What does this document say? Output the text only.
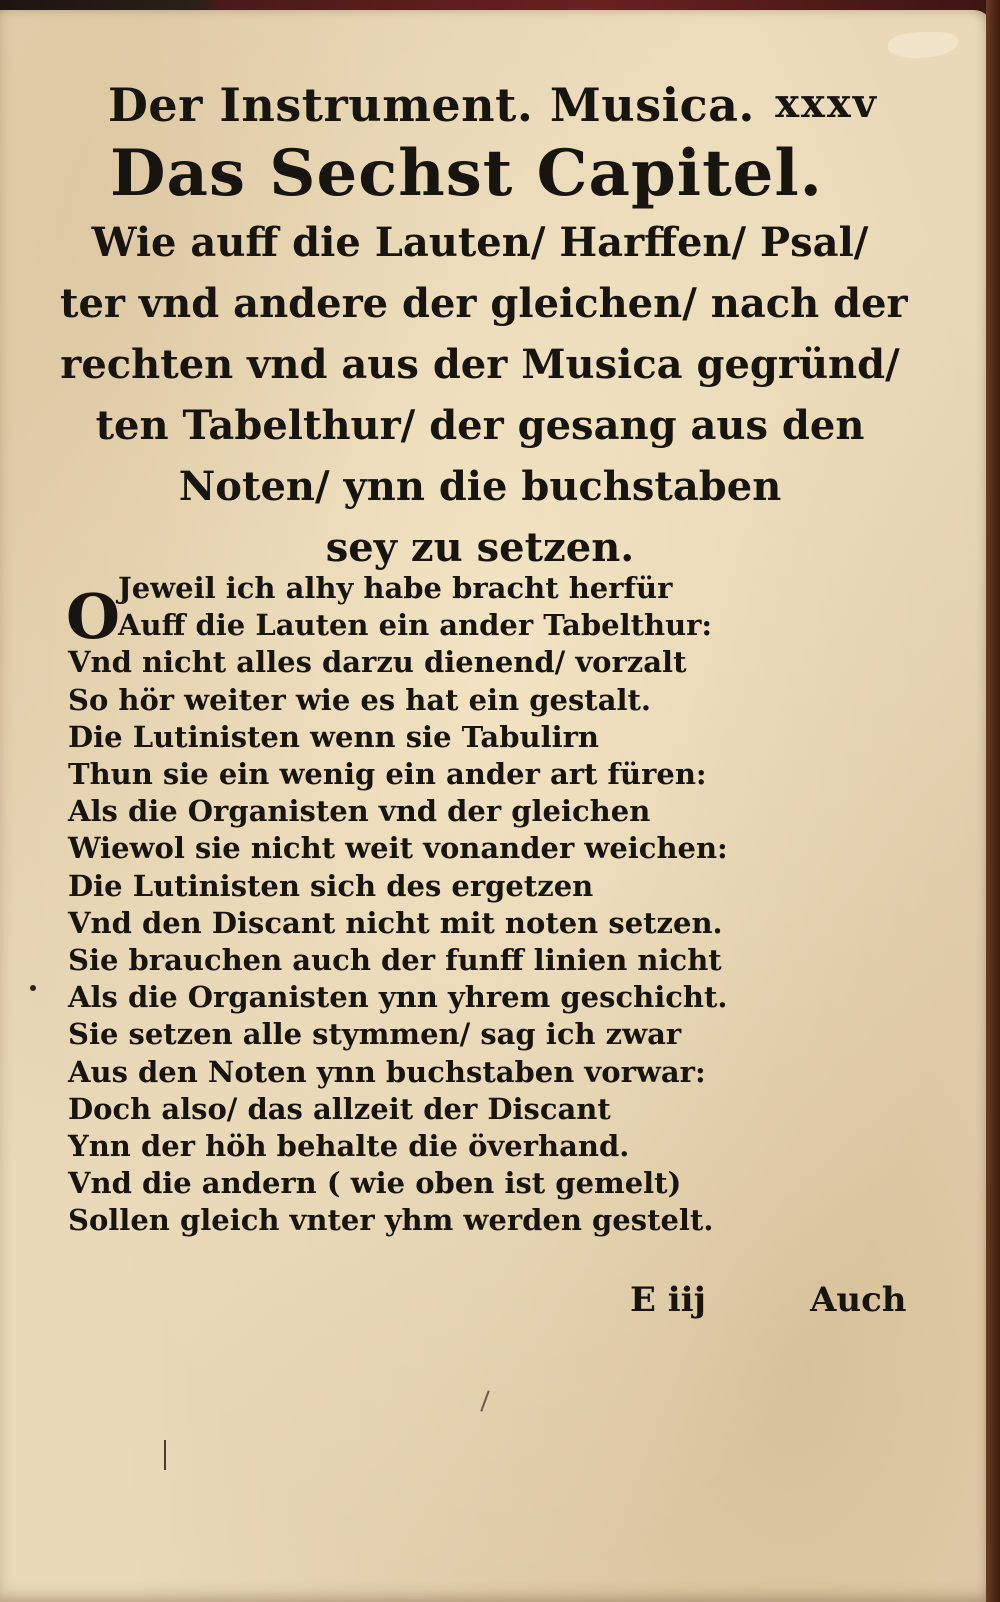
Der Instrument. Musica. xxxv
Das Sechst Capitel.
Wie auff die Lauten/ Harffen/ Psal/
ter vnd andere der gleichen/ nach der
rechten vnd aus der Musica gegründ/
ten Tabelthur/ der gesang aus den
Noten/ ynn die buchstaben
sey zu setzen.
O
Jeweil ich alhy habe bracht herfür
Auff die Lauten ein ander Tabelthur:
Vnd nicht alles darzu dienend/ vorzalt
So hör weiter wie es hat ein gestalt.
Die Lutinisten wenn sie Tabulirn
Thun sie ein wenig ein ander art füren:
Als die Organisten vnd der gleichen
Wiewol sie nicht weit vonander weichen:
Die Lutinisten sich des ergetzen
Vnd den Discant nicht mit noten setzen.
Sie brauchen auch der funff linien nicht
Als die Organisten ynn yhrem geschicht.
Sie setzen alle stymmen/ sag ich zwar
Aus den Noten ynn buchstaben vorwar:
Doch also/ das allzeit der Discant
Ynn der höh behalte die överhand.
Vnd die andern ( wie oben ist gemelt)
Sollen gleich vnter yhm werden gestelt.
E iij	Auch
